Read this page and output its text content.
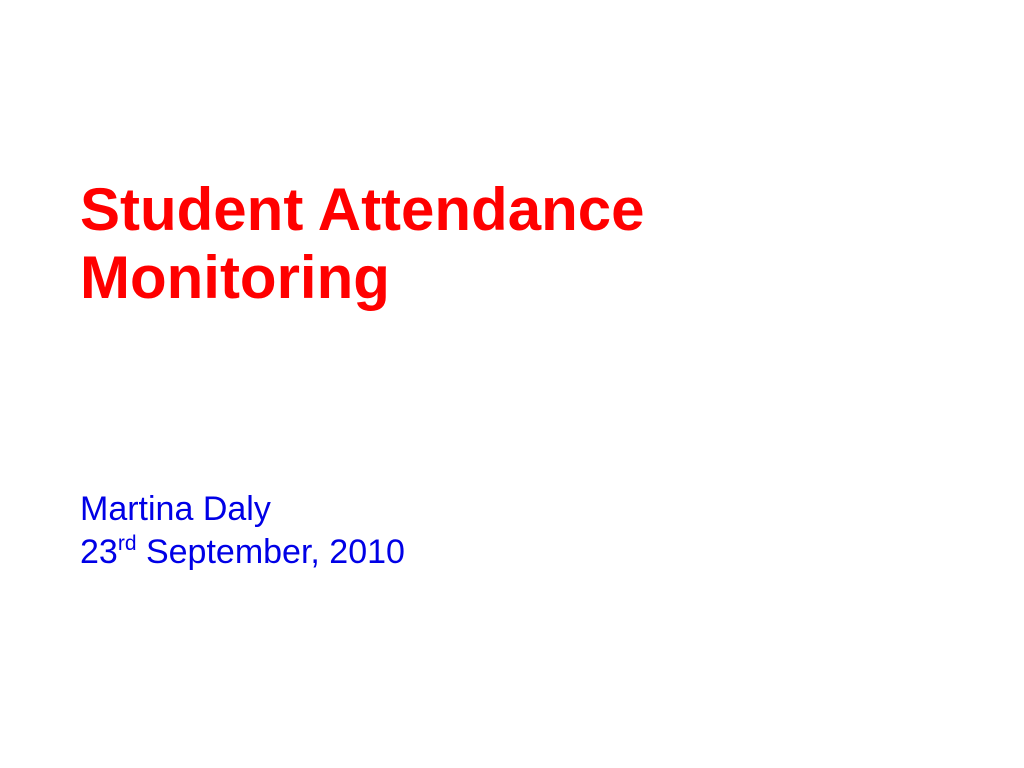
Student Attendance
Monitoring
Martina Daly
23rd September, 2010
